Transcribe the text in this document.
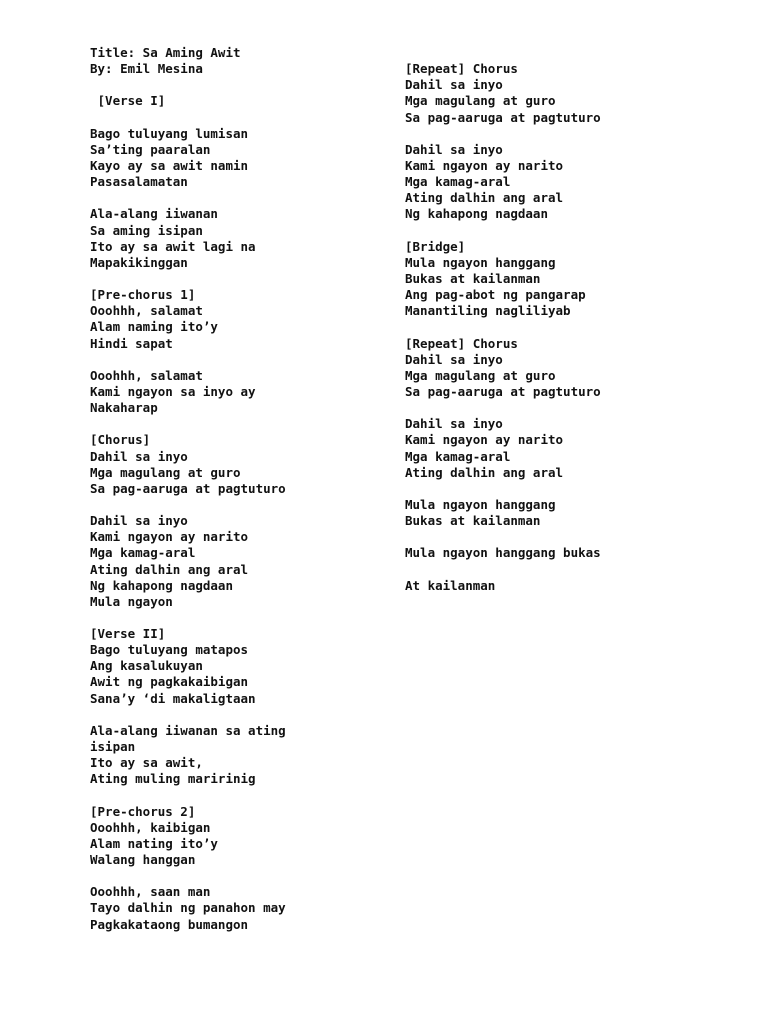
Title: Sa Aming Awit
By: Emil Mesina
[Verse I]
Bago tuluyang lumisan
Sa’ting paaralan
Kayo ay sa awit namin
Pasasalamatan
Ala-alang iiwanan
Sa aming isipan
Ito ay sa awit lagi na
Mapakikinggan
[Pre-chorus 1]
Ooohhh, salamat
Alam naming ito’y
Hindi sapat
Ooohhh, salamat
Kami ngayon sa inyo ay
Nakaharap
[Chorus]
Dahil sa inyo
Mga magulang at guro
Sa pag-aaruga at pagtuturo
Dahil sa inyo
Kami ngayon ay narito
Mga kamag-aral
Ating dalhin ang aral
Ng kahapong nagdaan
Mula ngayon
[Verse II]
Bago tuluyang matapos
Ang kasalukuyan
Awit ng pagkakaibigan
Sana’y ‘di makaligtaan
Ala-alang iiwanan sa ating
isipan
Ito ay sa awit,
Ating muling maririnig
[Pre-chorus 2]
Ooohhh, kaibigan
Alam nating ito’y
Walang hanggan
Ooohhh, saan man
Tayo dalhin ng panahon may
Pagkakataong bumangon
[Repeat] Chorus
Dahil sa inyo
Mga magulang at guro
Sa pag-aaruga at pagtuturo
Dahil sa inyo
Kami ngayon ay narito
Mga kamag-aral
Ating dalhin ang aral
Ng kahapong nagdaan
[Bridge]
Mula ngayon hanggang
Bukas at kailanman
Ang pag-abot ng pangarap
Manantiling nagliliyab
[Repeat] Chorus
Dahil sa inyo
Mga magulang at guro
Sa pag-aaruga at pagtuturo
Dahil sa inyo
Kami ngayon ay narito
Mga kamag-aral
Ating dalhin ang aral
Mula ngayon hanggang
Bukas at kailanman
Mula ngayon hanggang bukas
At kailanman
